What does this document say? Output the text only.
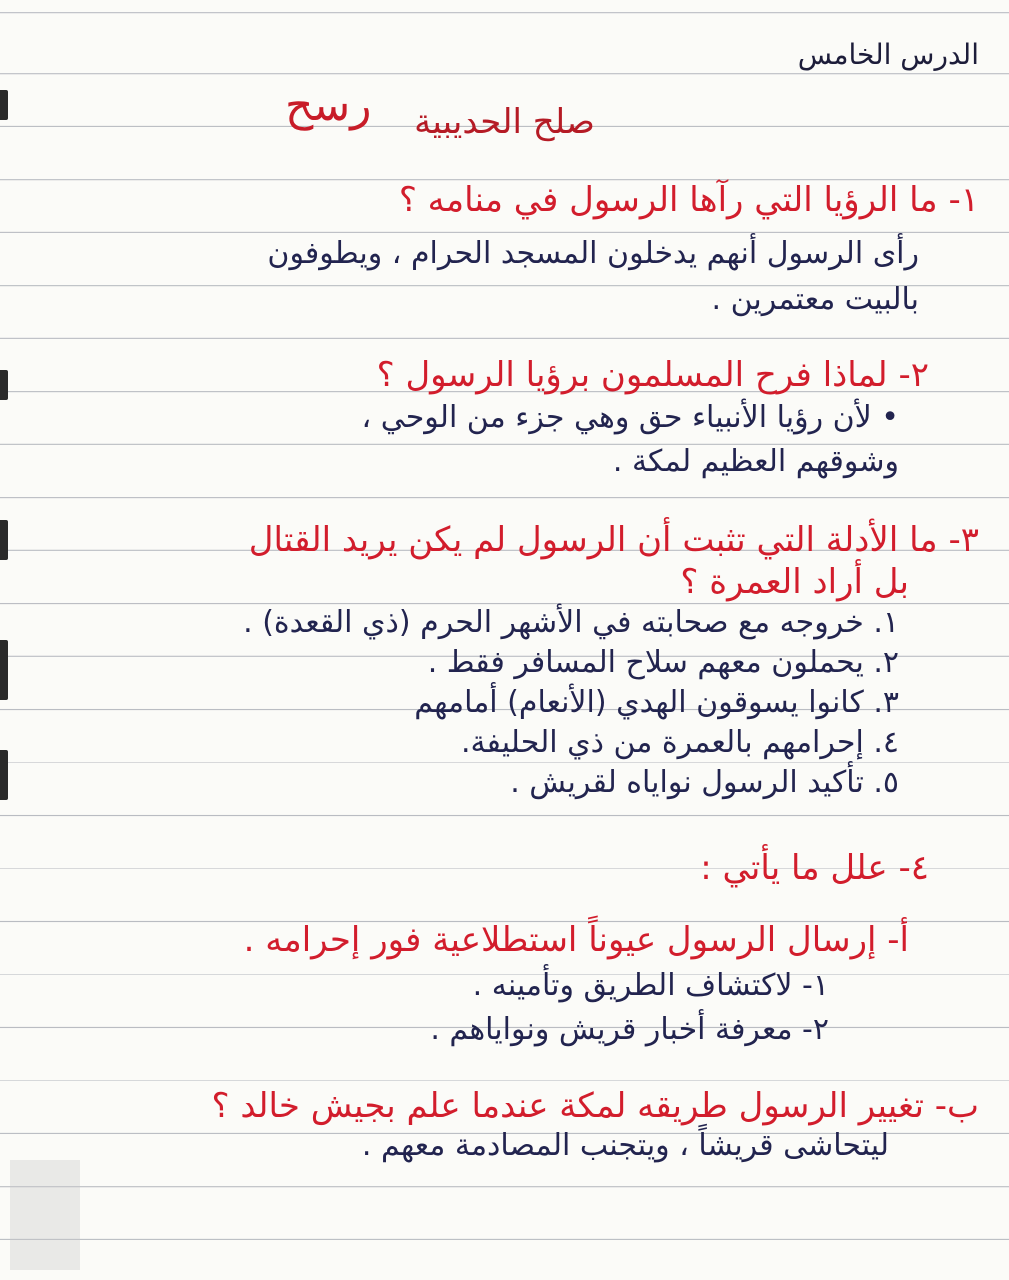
الدرس الخامس
رسح	صلح الحديبية
١- ما الرؤيا التي رآها الرسول في منامه ؟
رأى الرسول أنهم يدخلون المسجد الحرام ، ويطوفون
بالبيت معتمرين .
٢- لماذا فرح المسلمون برؤيا الرسول ؟
• لأن رؤيا الأنبياء حق وهي جزء من الوحي ،
وشوقهم العظيم لمكة .
٣- ما الأدلة التي تثبت أن الرسول لم يكن يريد القتال
بل أراد العمرة ؟
١. خروجه مع صحابته في الأشهر الحرم (ذي القعدة) .
٢. يحملون معهم سلاح المسافر فقط .
٣. كانوا يسوقون الهدي (الأنعام) أمامهم
٤. إحرامهم بالعمرة من ذي الحليفة.
٥. تأكيد الرسول نواياه لقريش .
٤- علل ما يأتي :
أ- إرسال الرسول عيوناً استطلاعية فور إحرامه .
١- لاكتشاف الطريق وتأمينه .
٢- معرفة أخبار قريش ونواياهم .
ب- تغيير الرسول طريقه لمكة عندما علم بجيش خالد ؟
ليتحاشى قريشاً ، ويتجنب المصادمة معهم .
